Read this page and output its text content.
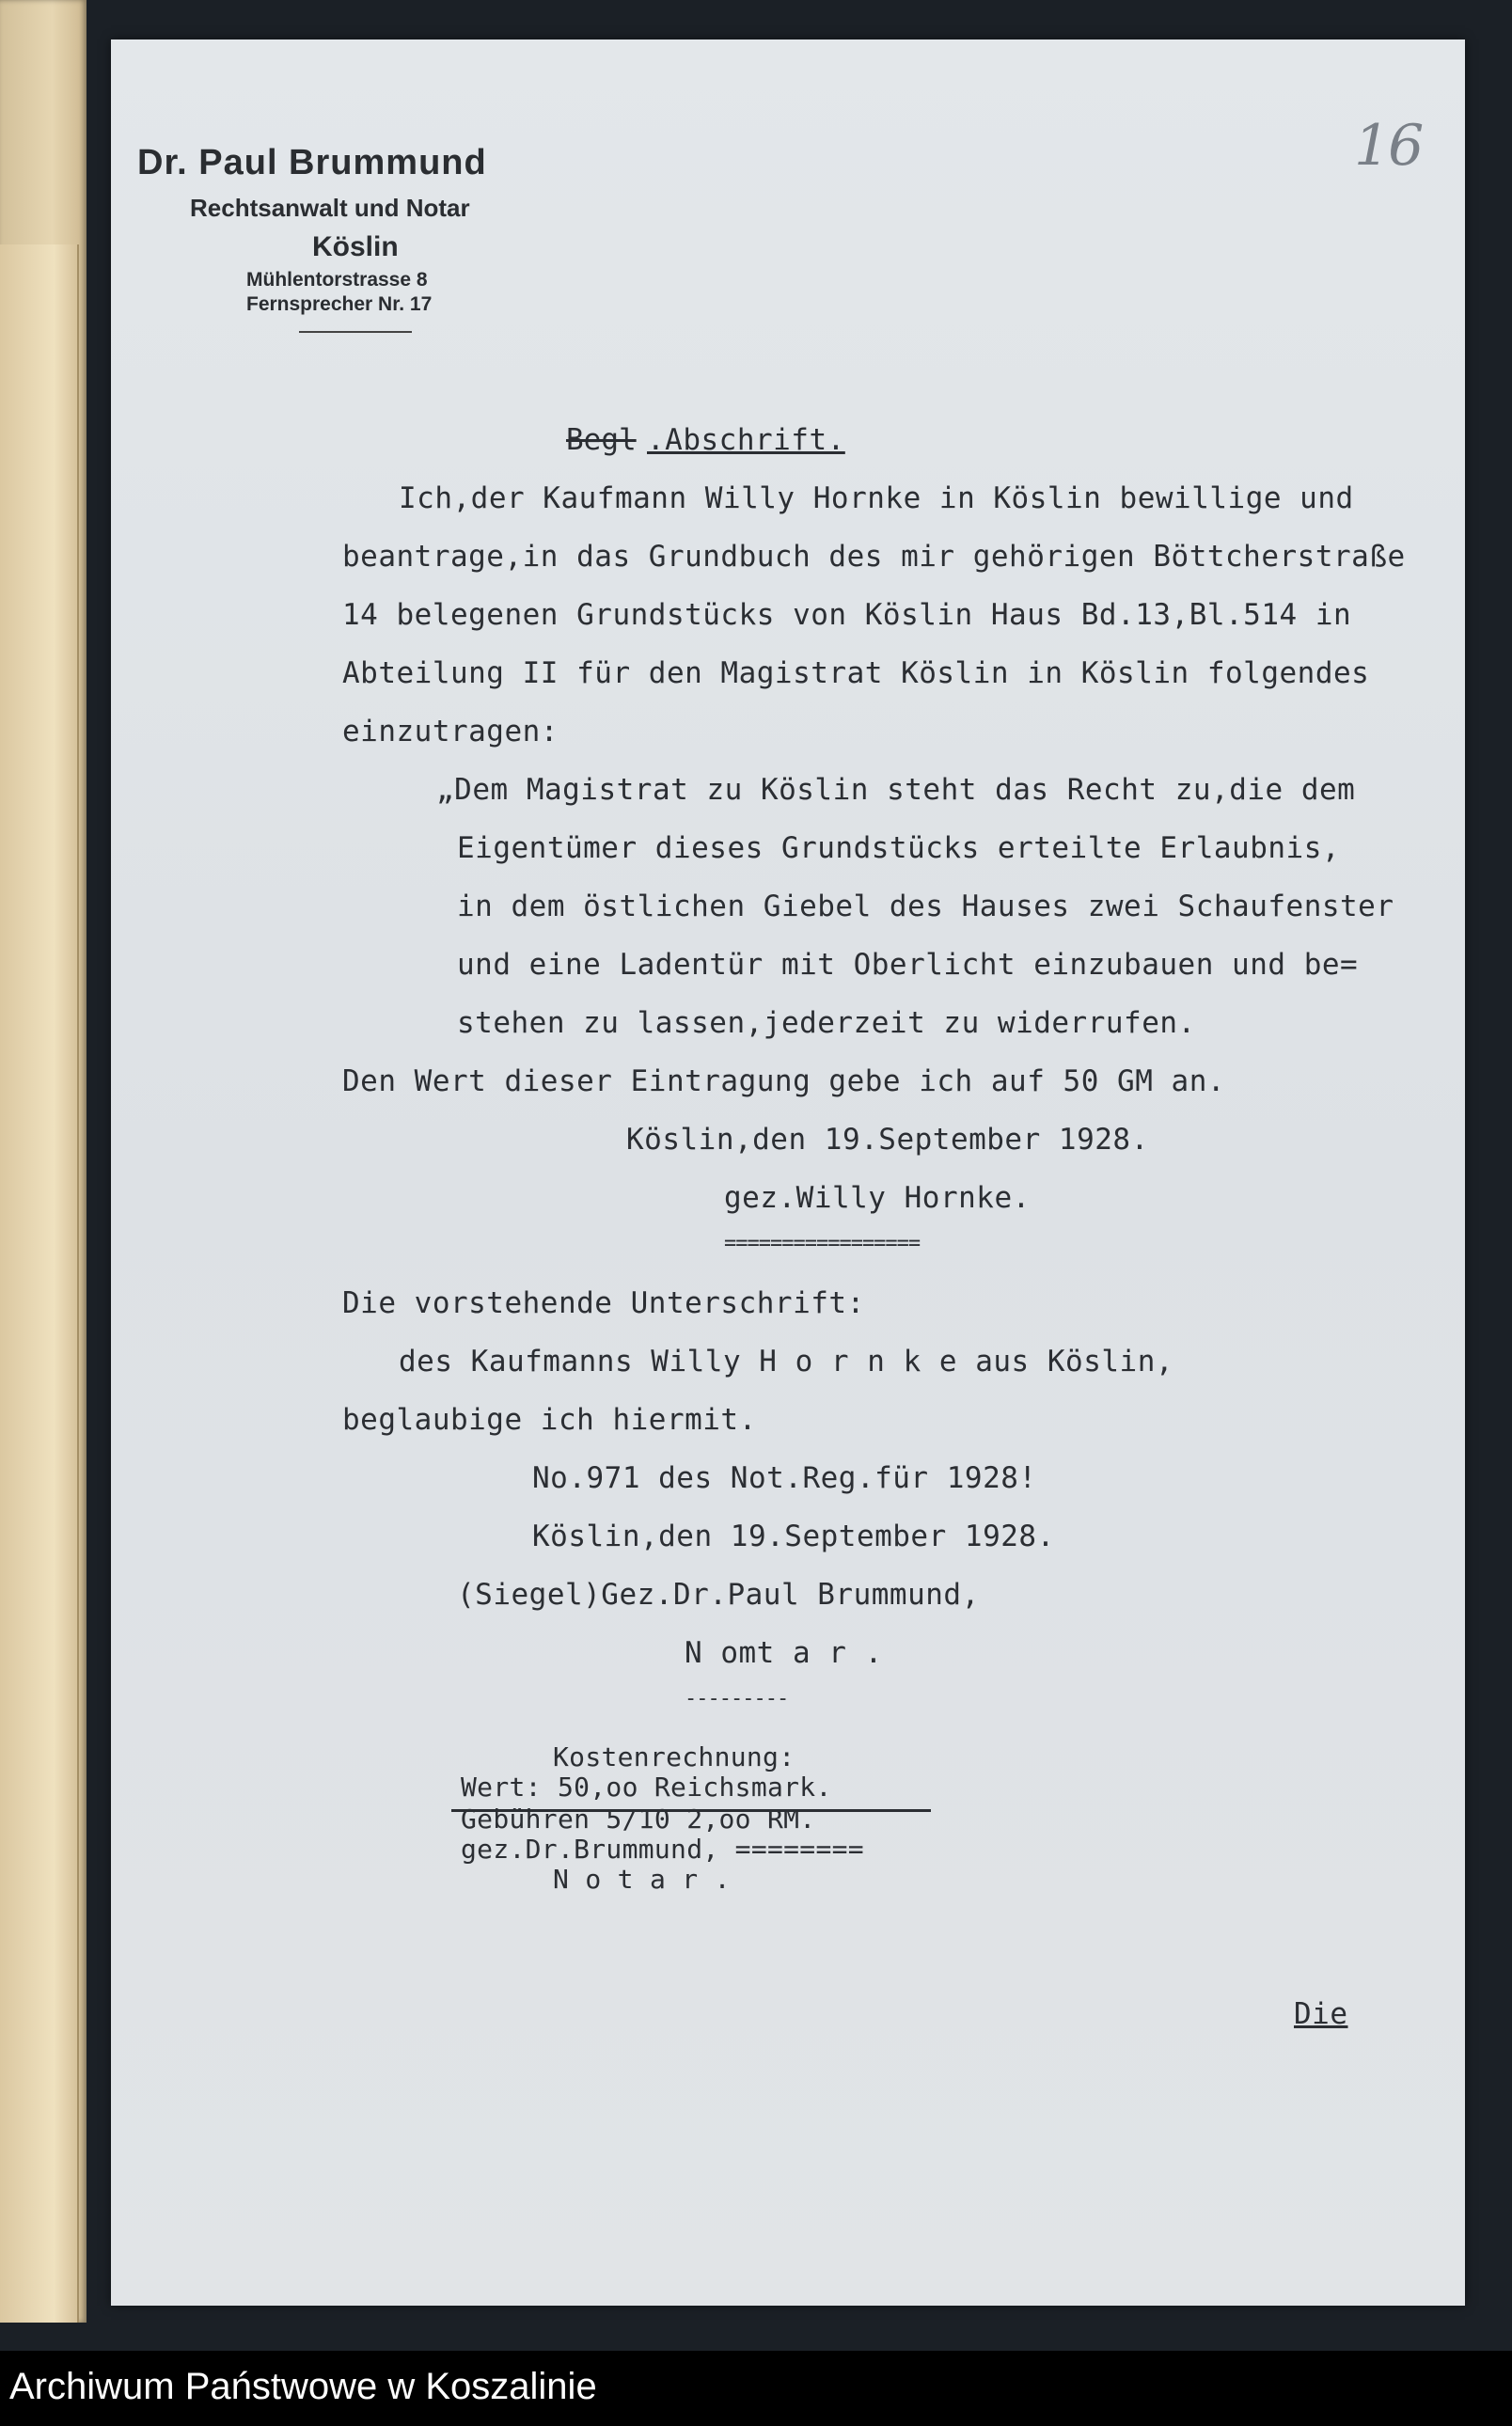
Dr. Paul Brummund
Rechtsanwalt und Notar
Köslin
Mühlentorstrasse 8
Fernsprecher Nr. 17
16
Begl .Abschrift.
Ich,der Kaufmann Willy Hornke in Köslin bewillige und
beantrage,in das Grundbuch des mir gehörigen Böttcherstraße
14 belegenen Grundstücks von Köslin Haus Bd.13,Bl.514 in
Abteilung II für den Magistrat Köslin in Köslin folgendes
einzutragen:
„Dem Magistrat zu Köslin steht das Recht zu,die dem
Eigentümer dieses Grundstücks erteilte Erlaubnis,
in dem östlichen Giebel des Hauses zwei Schaufenster
und eine Ladentür mit Oberlicht einzubauen und be=
stehen zu lassen,jederzeit zu widerrufen.
Den Wert dieser Eintragung gebe ich auf 50 GM an.
Köslin,den 19.September 1928.
gez.Willy Hornke.
=================
Die vorstehende Unterschrift:
des Kaufmanns Willy H o r n k e aus Köslin,
beglaubige ich hiermit.
No.971 des Not.Reg.für 1928!
Köslin,den 19.September 1928.
(Siegel)Gez.Dr.Paul Brummund,
N omt a r .
---------
Kostenrechnung:
Wert: 50,oo Reichsmark.
Gebühren 5/10 2,oo RM.
gez.Dr.Brummund, ========
N o t a r .
Die
Archiwum Państwowe w Koszalinie
